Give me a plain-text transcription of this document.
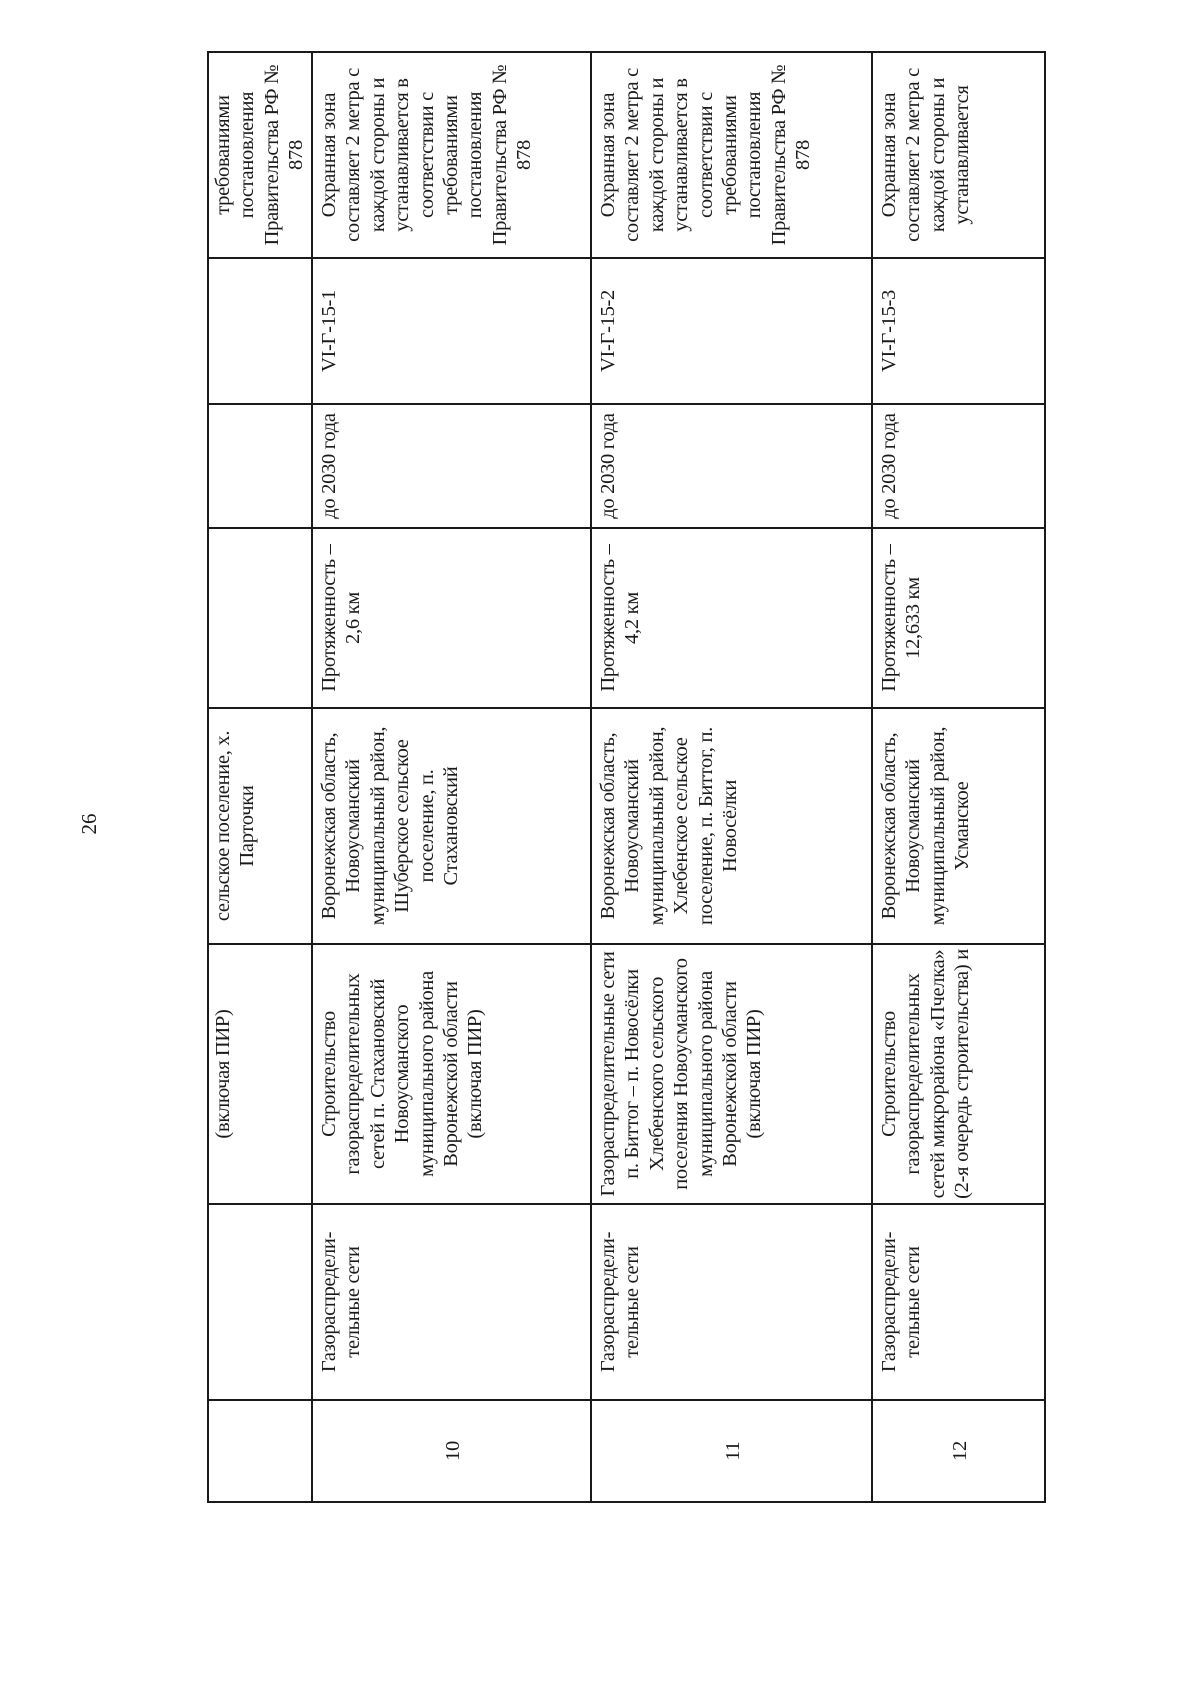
26
		(включая ПИР)	сельское поселение, х. Парточки				требованиями постановления Правительства РФ № 878
10	Газораспредели-тельные сети	Строительство газораспределительных сетей п. Стахановский Новоусманского муниципального района Воронежской области (включая ПИР)	Воронежская область, Новоусманский муниципальный район, Шуберское сельское поселение, п. Стахановский	Протяженность – 2,6 км	до 2030 года	VI-Г-15-1	Охранная зона составляет 2 метра с каждой стороны и устанавливается в соответствии с требованиями постановления Правительства РФ № 878
11	Газораспредели-тельные сети	Газораспределительные сети п. Биттог – п. Новосёлки Хлебенского сельского поселения Новоусманского муниципального района Воронежской области (включая ПИР)	Воронежская область, Новоусманский муниципальный район, Хлебенское сельское поселение, п. Биттог, п. Новосёлки	Протяженность – 4,2 км	до 2030 года	VI-Г-15-2	Охранная зона составляет 2 метра с каждой стороны и устанавливается в соответствии с требованиями постановления Правительства РФ № 878
12	Газораспредели-тельные сети	Строительство газораспределительных сетей микрорайона «Пчелка» (2-я очередь строительства) и	Воронежская область, Новоусманский муниципальный район, Усманское	Протяженность – 12,633 км	до 2030 года	VI-Г-15-3	Охранная зона составляет 2 метра с каждой стороны и устанавливается
